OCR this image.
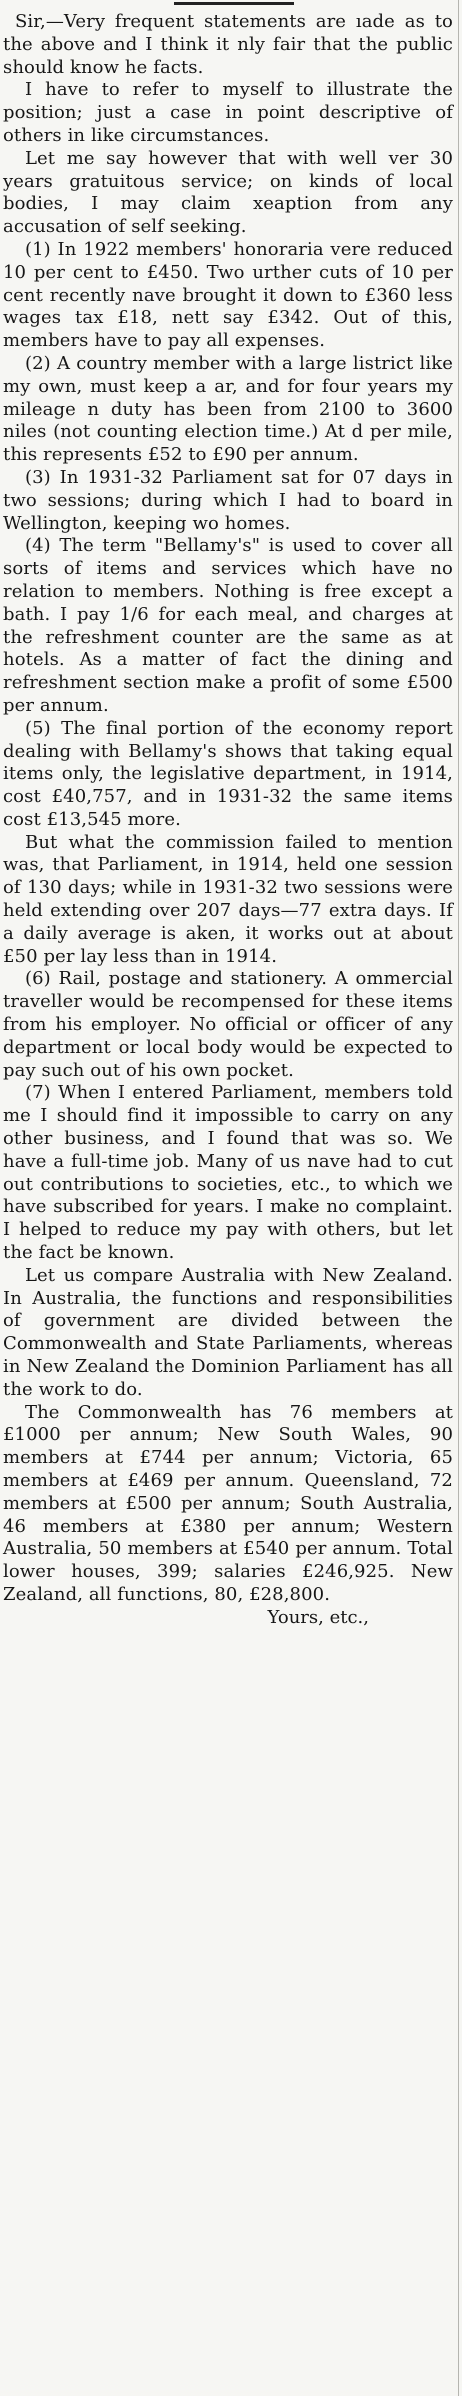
Sir,—Very frequent statements are ıade as to the above and I think it nly fair that the public should know he facts.

I have to refer to myself to illustrate the position; just a case in point descriptive of others in like circumstances.

Let me say however that with well ver 30 years gratuitous service; on kinds of local bodies, I may claim xeaption from any accusation of self seeking.

(1) In 1922 members' honoraria vere reduced 10 per cent to £450. Two urther cuts of 10 per cent recently nave brought it down to £360 less wages tax £18, nett say £342. Out of this, members have to pay all expenses.

(2) A country member with a large listrict like my own, must keep a ar, and for four years my mileage n duty has been from 2100 to 3600 niles (not counting election time.) At d per mile, this represents £52 to £90 per annum.

(3) In 1931-32 Parliament sat for 07 days in two sessions; during which I had to board in Wellington, keeping wo homes.

(4) The term "Bellamy's" is used to cover all sorts of items and services which have no relation to members. Nothing is free except a bath. I pay 1/6 for each meal, and charges at the refreshment counter are the same as at hotels. As a matter of fact the dining and refreshment section make a profit of some £500 per annum.

(5) The final portion of the economy report dealing with Bellamy's shows that taking equal items only, the legislative department, in 1914, cost £40,757, and in 1931-32 the same items cost £13,545 more.

But what the commission failed to mention was, that Parliament, in 1914, held one session of 130 days; while in 1931-32 two sessions were held extending over 207 days—77 extra days. If a daily average is aken, it works out at about £50 per lay less than in 1914.

(6) Rail, postage and stationery. A ommercial traveller would be recompensed for these items from his employer. No official or officer of any department or local body would be expected to pay such out of his own pocket.

(7) When I entered Parliament, members told me I should find it impossible to carry on any other business, and I found that was so. We have a full-time job. Many of us nave had to cut out contributions to societies, etc., to which we have subscribed for years. I make no complaint. I helped to reduce my pay with others, but let the fact be known.

Let us compare Australia with New Zealand. In Australia, the functions and responsibilities of government are divided between the Commonwealth and State Parliaments, whereas in New Zealand the Dominion Parliament has all the work to do.

The Commonwealth has 76 members at £1000 per annum; New South Wales, 90 members at £744 per annum; Victoria, 65 members at £469 per annum. Queensland, 72 members at £500 per annum; South Australia, 46 members at £380 per annum; Western Australia, 50 members at £540 per annum. Total lower houses, 399; salaries £246,925. New Zealand, all functions, 80, £28,800.

Yours, etc.,
